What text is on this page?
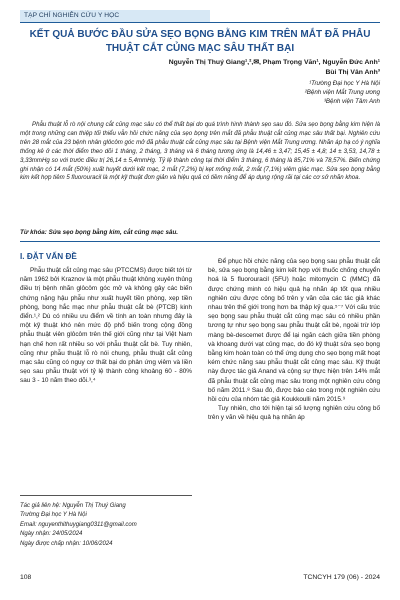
TẠP CHÍ NGHIÊN CỨU Y HỌC
KẾT QUẢ BƯỚC ĐẦU SỬA SẸO BỌNG BẰNG KIM TRÊN MẮT ĐÃ PHẪU THUẬT CẮT CỦNG MẠC SÂU THẤT BẠI
Nguyễn Thị Thuý Giang¹,²,✉, Phạm Trọng Văn¹, Nguyễn Đức Anh¹
Bùi Thị Vân Anh³
¹Trường Đại học Y Hà Nội
²Bệnh viện Mắt Trung ương
³Bệnh viện Tâm Anh

Phẫu thuật lỗ rò nội chung cắt củng mạc sâu có thể thất bại do quá trình hình thành sẹo sau đó. Sửa sẹo bọng bằng kim hiện là một trong những can thiệp tối thiểu vẫn hồi chức năng của sẹo bọng trên mắt đã phẫu thuật cắt củng mạc sâu thất bại. Nghiên cứu trên 28 mắt của 23 bệnh nhân glôcôm góc mở đã phẫu thuật cắt củng mạc sâu tại Bệnh viện Mắt Trung ương. Nhãn áp hạ có ý nghĩa thống kê ở các thời điểm theo dõi 1 tháng, 2 tháng, 3 tháng và 6 tháng tương ứng là 14,46 ± 3,47; 15,45 ± 4,8; 14 ± 3,53, 14,78 ± 3,33mmHg so với trước điều trị 26,14 ± 5,4mmHg. Tỷ lệ thành công tại thời điểm 3 tháng, 6 tháng là 85,71% và 78,57%. Biến chứng ghi nhận có 14 mắt (50%) xuất huyết dưới kết mạc, 2 mắt (7,2%) bị kẹt mống mắt, 2 mắt (7,1%) viêm giác mạc. Sửa sẹo bọng bằng kim kết hợp tiêm 5 fluorouracil là một kỹ thuật đơn giản và hiệu quả có tiềm năng để áp dụng rộng rãi tại các cơ sở nhãn khoa.

Từ khóa: Sửa sẹo bọng bằng kim, cắt củng mạc sâu.
I. ĐẶT VẤN ĐỀ

Phẫu thuật cắt củng mạc sâu (PTCCMS) được biết tới từ năm 1962 bởi Kraznov là một phẫu thuật không xuyên thủng điều trị bệnh nhãn glôcôm góc mở và không gây các biến chứng nặng hậu phẫu như xuất huyết tiền phòng, xẹp tiền phòng, bong hắc mạc như phẫu thuật cắt bè (PTCB) kinh điển.¹,² Dù có nhiều ưu điểm về tính an toàn nhưng đây là một kỹ thuật khó nên mức độ phổ biến trong cộng đồng phẫu thuật viên glôcôm trên thế giới cũng như tại Việt Nam hạn chế hơn rất nhiều so với phẫu thuật cắt bè. Tuy nhiên, cũng như phẫu thuật lỗ rò nói chung, phẫu thuật cắt củng mạc sâu cũng có nguy cơ thất bại do phản ứng viêm và liền sẹo sau phẫu thuật với tỷ lệ thành công khoảng 60 - 80% sau 3 - 10 năm theo dõi.³,⁴

Để phục hồi chức năng của sẹo bọng sau phẫu thuật cắt bè, sửa sẹo bọng bằng kim kết hợp với thuốc chống chuyển hoá là 5 fluorouracil (5FU) hoặc mitomycin C (MMC) đã được chứng minh có hiệu quả hạ nhãn áp tốt qua nhiều nghiên cứu được công bố trên y văn của các tác giả khác nhau trên thế giới trong hơn ba thập kỷ qua.⁵⁻⁷ Với cấu trúc sẹo bọng sau phẫu thuật cắt củng mạc sâu có nhiều phần tương tự như sẹo bọng sau phẫu thuật cắt bè, ngoài trừ lớp màng bè-descemet được để lại ngăn cách giữa tiền phòng và khoang dưới vạt củng mạc, do đó kỹ thuật sửa sẹo bọng bằng kim hoàn toàn có thể ứng dụng cho sẹo bọng mất hoạt kém chức năng sau phẫu thuật cắt củng mạc sâu. Kỹ thuật này được tác giả Anand và cộng sự thực hiện trên 14% mắt đã phẫu thuật cắt củng mạc sâu trong một nghiên cứu công bố năm 2011.⁸ Sau đó, được báo cáo trong một nghiên cứu hồi cứu của nhóm tác giả Koukkoulli năm 2015.⁹

Tuy nhiên, cho tới hiện tại số lượng nghiên cứu công bố trên y văn về hiệu quả hạ nhãn áp

Tác giả liên hệ: Nguyễn Thị Thuý Giang
Trường Đại học Y Hà Nội
Email: nguyenthithuygiang0311@gmail.com
Ngày nhận: 24/05/2024
Ngày được chấp nhận: 10/06/2024
108	TCNCYH 179 (06) - 2024
